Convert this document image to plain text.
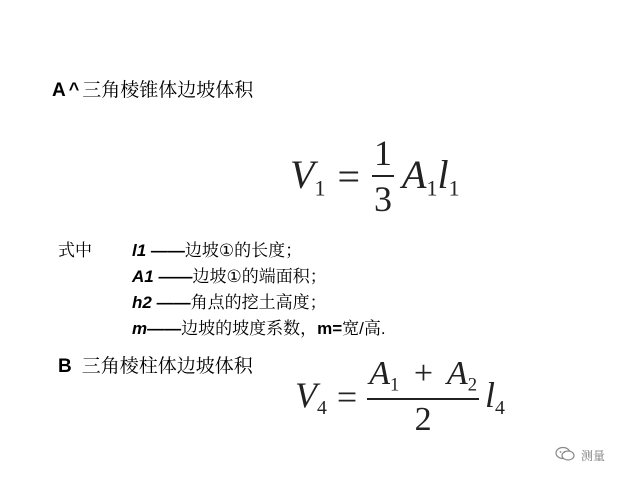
A ^ 三角棱锥体边坡体积
$V_1 = \frac{1}{3} A_1$ $l_1$
式中 l1 ——边坡①的长度；
A1 ——边坡①的端面积；
h2 ——角点的挖土高度；
m——边坡的坡度系数，m=宽/高.
B 三角棱柱体边坡体积
$V_4 = \frac{A_1 + A_2}{2} l_4$
测量
